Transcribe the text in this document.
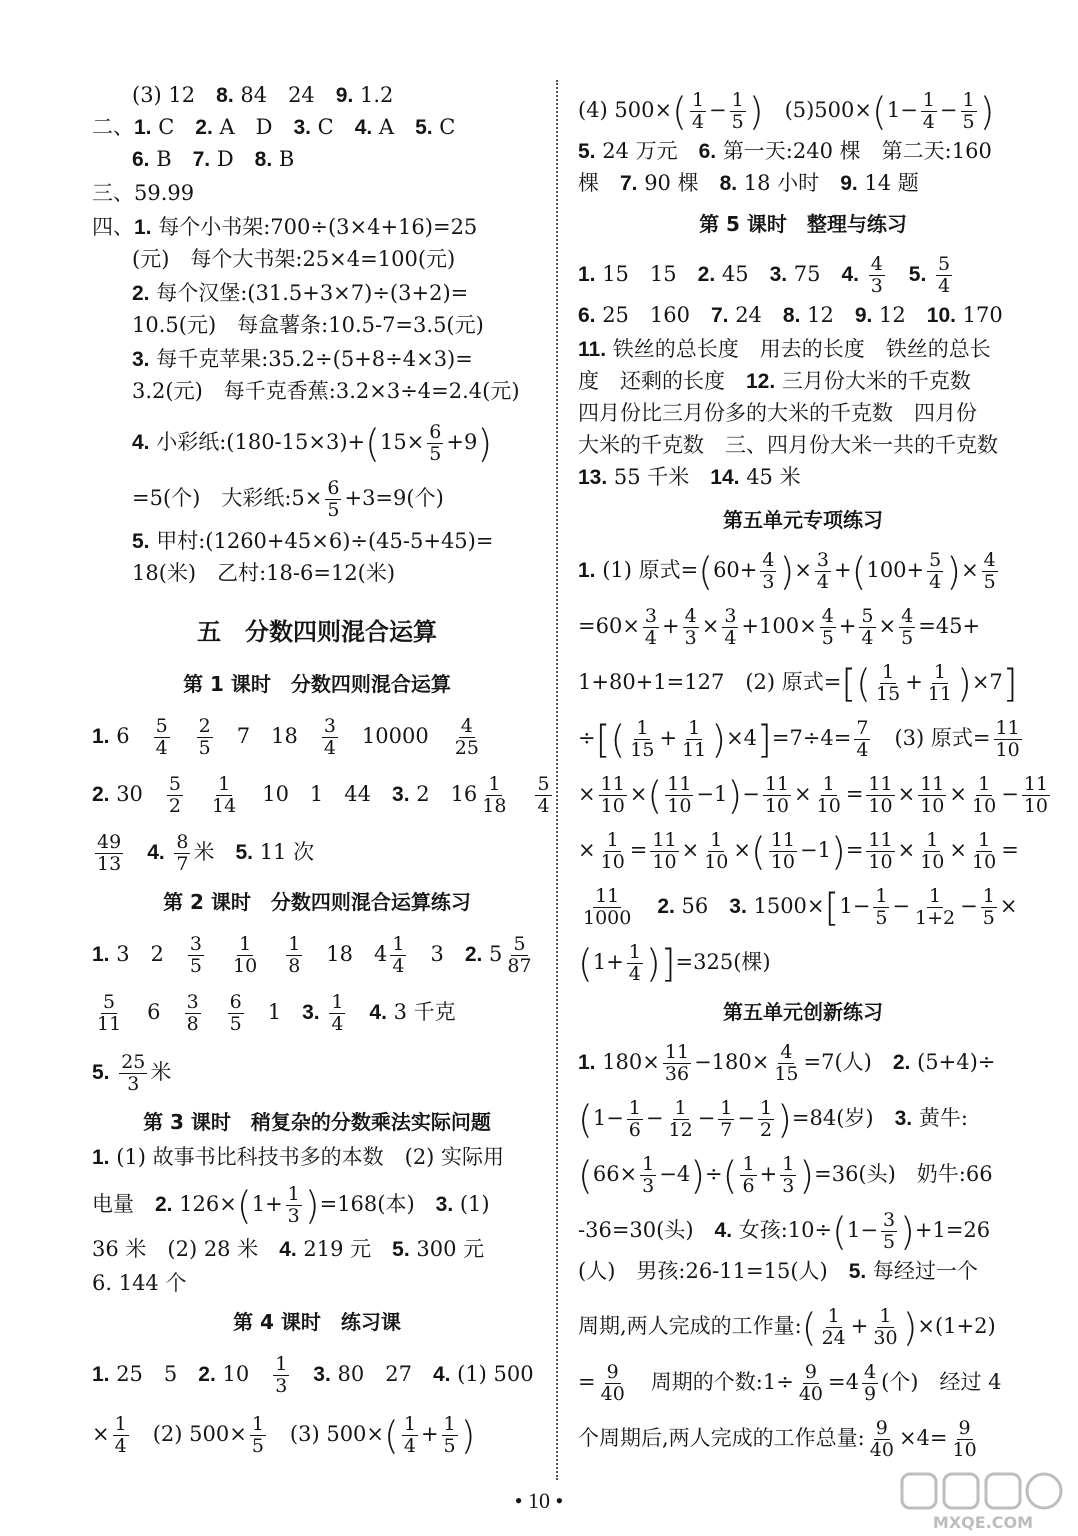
(3) 12　 8. 84　24　9. 1.2
二、1. C　2. A　D　3. C　4. A　5. C
6. B　7. D　8. B
三、59.99
四、1. 每个小书架:700÷(3×4+16)=25
(元)　每个大书架:25×4=100(元)
2. 每个汉堡:(31.5+3×7)÷(3+2)=
10.5(元)　每盒薯条:10.5-7=3.5(元)
3. 每千克苹果:35.2÷(5+8÷4×3)=
3.2(元)　每千克香蕉:3.2×3÷4=2.4(元)
4. 小彩纸:(180-15×3)+(15× $\frac{6}{5} +9$)
=5(个)　大彩纸:5× $\frac{6}{5} +3=9$(个)
5. 甲村:(1260+45×6)÷(45-5+45)=
18(米)　乙村:18-6=12(米)
五　分数四则混合运算
第 1 课时　分数四则混合运算
1. 6　 $\frac{5}{4}$
　 $\frac{2}{5}$ 　7　18　 $\frac{3}{4}$ 　10000　 $\frac{4}{25}$
2. 30　 $\frac{5}{2}$
　 $\frac{1}{14}$ 　10　1　44　3. 2　$16 \frac{1}{18}$
　 $\frac{5}{4}$
$\frac{49}{13}$
　 4. $\frac{8}{7}$ 米　 5. 11 次
第 2 课时　分数四则混合运算练习
1. 3　2　 $\frac{3}{5}$
　 $\frac{1}{10}$
　 $\frac{1}{8}$ 　18　$4 \frac{1}{4}$ 　3　2. $5 \frac{5}{87}$
$\frac{5}{11}$ 　6　 $\frac{3}{8}$
　 $\frac{6}{5}$ 　1　3. $\frac{1}{4}$
　 4. 3 千克
5. $\frac{25}{3}$ 米
第 3 课时　稍复杂的分数乘法实际问题
1. (1) 故事书比科技书多的本数　(2) 实际用
电量　 2. $126\times(1+ \frac{1}{3} )=168$(本)　 3. (1)
36 米　(2) 28 米　 4. 219 元　5. 300 元
6. 144 个
第 4 课时　练习课
1. 25　5　2. 10　 $\frac{1}{3}$
　 3. 80　27　4. (1) 500
× $\frac{1}{4}$
　 (2) $500\times \frac{1}{5}$
　 (3) $500\times( \frac{1}{4} + \frac{1}{5}$ )
(4) $500\times( \frac{1}{4} - \frac{1}{5}$ )　 $(5)500\times(1- \frac{1}{4} - \frac{1}{5}$ )
5. 24 万元　 6. 第一天:240 棵　第二天:160
棵　 7. 90 棵　8. 18 小时　9. 14 题
第 5 课时　整理与练习
1. 15　15　2. 45　3. 75　4. $\frac{4}{3}$
　 5. $\frac{5}{4}$
6. 25　160　7. 24　8. 12　9. 12　10. 170
11. 铁丝的总长度　用去的长度　铁丝的总长
度　还剩的长度　 12. 三月份大米的千克数
四月份比三月份多的大米的千克数　四月份
大米的千克数　三、四月份大米一共的千克数
13. 55 千米　 14. 45 米
第五单元专项练习
1. (1) 原式$=(60+ \frac{4}{3}$ )× $\frac{3}{4} +(100+ \frac{5}{4}$ )× $\frac{4}{5}$
$=60\times \frac{3}{4} + \frac{4}{3} \times \frac{3}{4} +100\times \frac{4}{5} + \frac{5}{4} \times \frac{4}{5} =45+$
1+80+1=127　(2) 原式=[( $\frac{1}{15} + \frac{1}{11} )\times 7$]
÷[( $\frac{1}{15} + \frac{1}{11} )\times 4]=7\div 4= \frac{7}{4}$
　 (3) 原式= $\frac{11}{10}$
× $\frac{11}{10}$ ×( $\frac{11}{10} -1)- \frac{11}{10} \times \frac{1}{10} = \frac{11}{10} \times \frac{11}{10} \times \frac{1}{10} - \frac{11}{10}$
× $\frac{1}{10} = \frac{11}{10} \times \frac{1}{10}$ ×( $\frac{11}{10} -1)= \frac{11}{10} \times \frac{1}{10} \times \frac{1}{10}$ =
$\frac{11}{1000}$
　 2. 56　3. $1500\times[1- \frac{1}{5} - \frac{1}{1+2} - \frac{1}{5}$ ×
$(1+ \frac{1}{4} )]=325$(棵)
第五单元创新练习
1. $180\times \frac{11}{36} -180\times \frac{4}{15} =7$(人)　 2. (5+4)÷
$(1- \frac{1}{6} - \frac{1}{12} - \frac{1}{7} - \frac{1}{2} )=84$(岁)　 3. 黄牛:
$(66\times \frac{1}{3} -4)\div( \frac{1}{6} + \frac{1}{3} )=36$(头)　奶牛:66
-36=30(头)　 4. 女孩:10÷(1− $\frac{3}{5} )+1=26$
(人)　男孩:26-11=15(人)　 5. 每经过一个
周期,两人完成的工作量:( $\frac{1}{24} + \frac{1}{30} )\times(1+2)$
= $\frac{9}{40}$
　 周期的个数:1÷ $\frac{9}{40} =4 \frac{4}{9}$ (个)　经过 4
个周期后,两人完成的工作总量: $\frac{9}{40} \times 4= \frac{9}{10}$
• 10 •
MXQE.COM
